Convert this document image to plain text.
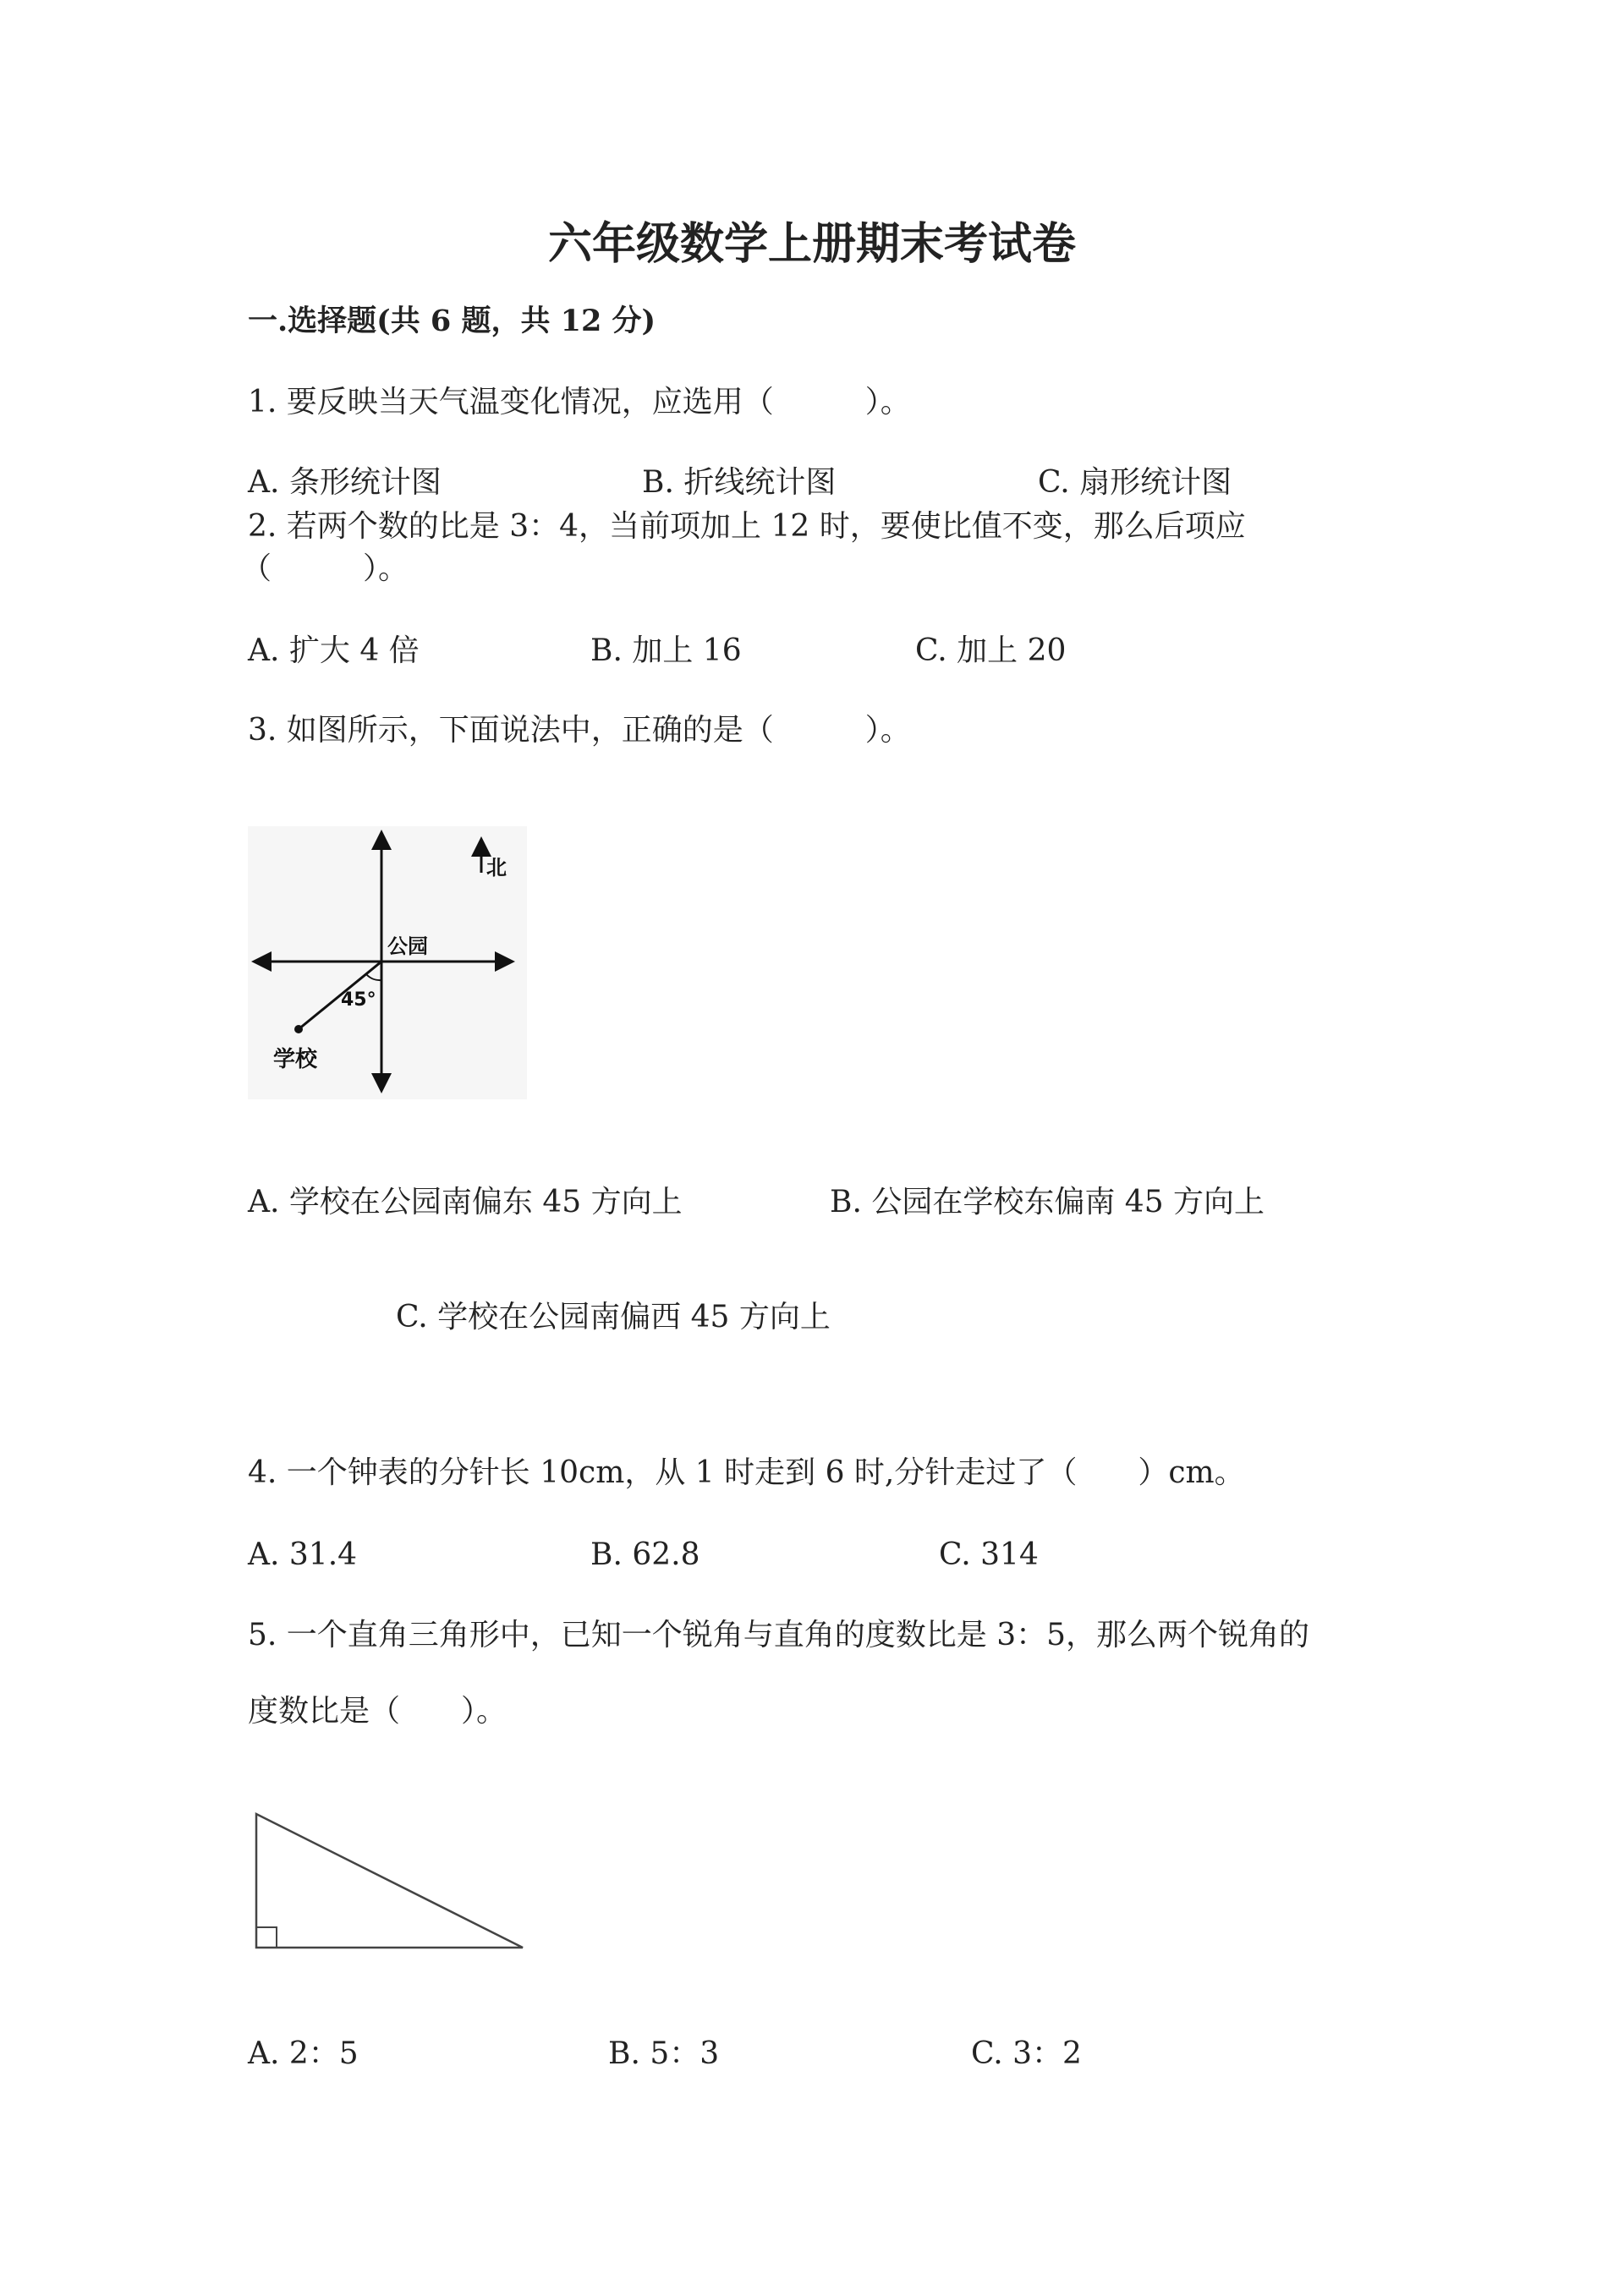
六年级数学上册期末考试卷
一.选择题(共 6 题，共 12 分)
1. 要反映当天气温变化情况，应选用（　　　）。
A. 条形统计图	B. 折线统计图	C. 扇形统计图
2. 若两个数的比是 3：4，当前项加上 12 时，要使比值不变，那么后项应
（　　　）。
A. 扩大 4 倍	B. 加上 16	C. 加上 20
3. 如图所示，下面说法中，正确的是（　　　）。
北
公园
45°
学校
A. 学校在公园南偏东 45 方向上	B. 公园在学校东偏南 45 方向上
C. 学校在公园南偏西 45 方向上
4. 一个钟表的分针长 10cm，从 1 时走到 6 时,分针走过了（　　）cm。
A. 31.4	B. 62.8	C. 314
5. 一个直角三角形中，已知一个锐角与直角的度数比是 3：5，那么两个锐角的
度数比是（　　）。
A. 2：5	B. 5：3	C. 3：2
